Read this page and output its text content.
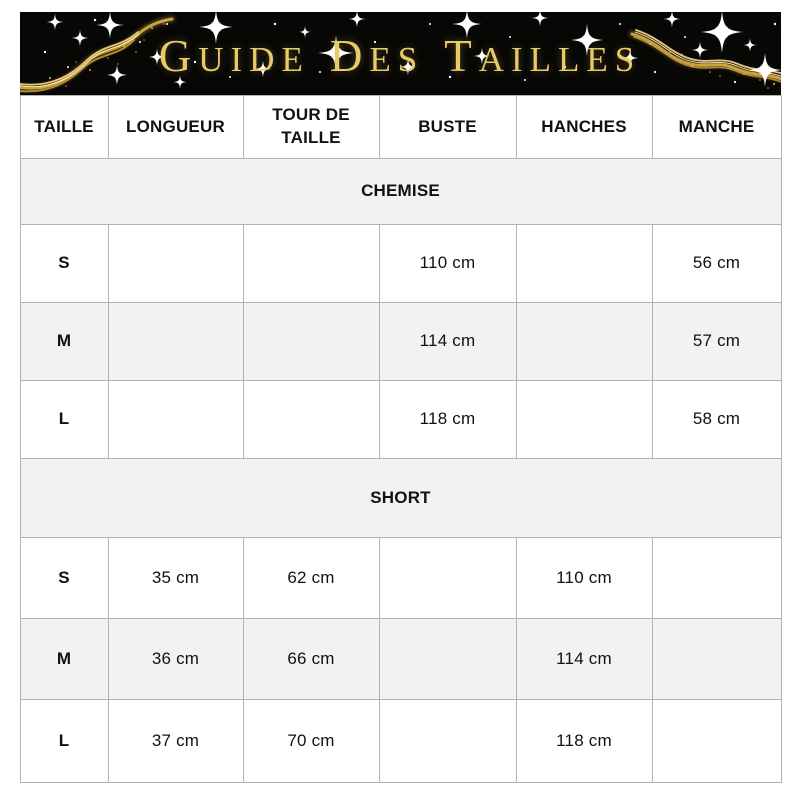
GUIDE DES TAILLES
TAILLE	LONGUEUR	TOUR DE TAILLE	BUSTE	HANCHES	MANCHE
CHEMISE					
S			110 cm		56 cm
M			114 cm		57 cm
L			118 cm		58 cm
SHORT					
S	35 cm	62 cm		110 cm	
M	36 cm	66 cm		114 cm	
L	37 cm	70 cm		118 cm	
